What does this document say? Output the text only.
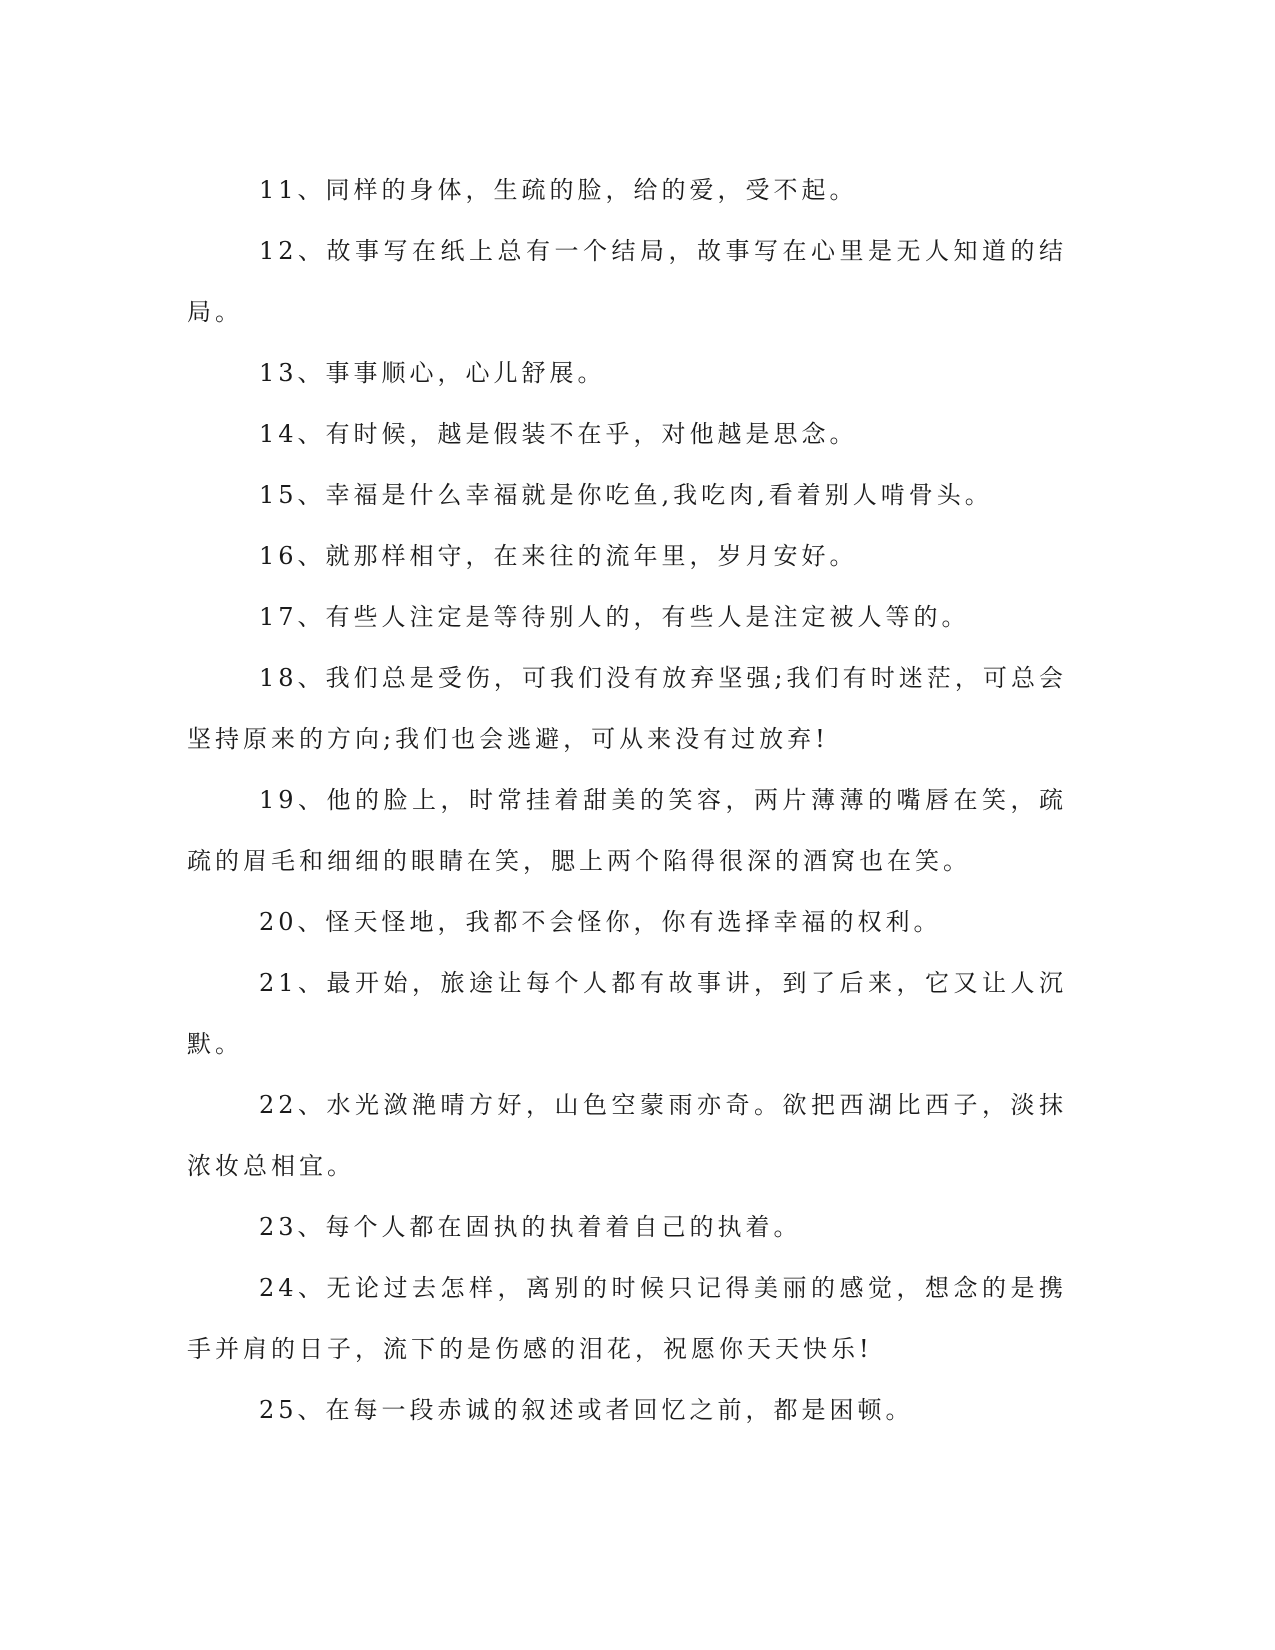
11、同样的身体，生疏的脸，给的爱，受不起。

12、故事写在纸上总有一个结局，故事写在心里是无人知道的结局。

13、事事顺心，心儿舒展。

14、有时候，越是假装不在乎，对他越是思念。

15、幸福是什么幸福就是你吃鱼,我吃肉,看着别人啃骨头。

16、就那样相守，在来往的流年里，岁月安好。

17、有些人注定是等待别人的，有些人是注定被人等的。

18、我们总是受伤，可我们没有放弃坚强;我们有时迷茫，可总会坚持原来的方向;我们也会逃避，可从来没有过放弃!

19、他的脸上，时常挂着甜美的笑容，两片薄薄的嘴唇在笑，疏疏的眉毛和细细的眼睛在笑，腮上两个陷得很深的酒窝也在笑。

20、怪天怪地，我都不会怪你，你有选择幸福的权利。

21、最开始，旅途让每个人都有故事讲，到了后来，它又让人沉默。

22、水光潋滟晴方好，山色空蒙雨亦奇。欲把西湖比西子，淡抹浓妆总相宜。

23、每个人都在固执的执着着自己的执着。

24、无论过去怎样，离别的时候只记得美丽的感觉，想念的是携手并肩的日子，流下的是伤感的泪花，祝愿你天天快乐!

25、在每一段赤诚的叙述或者回忆之前，都是困顿。
